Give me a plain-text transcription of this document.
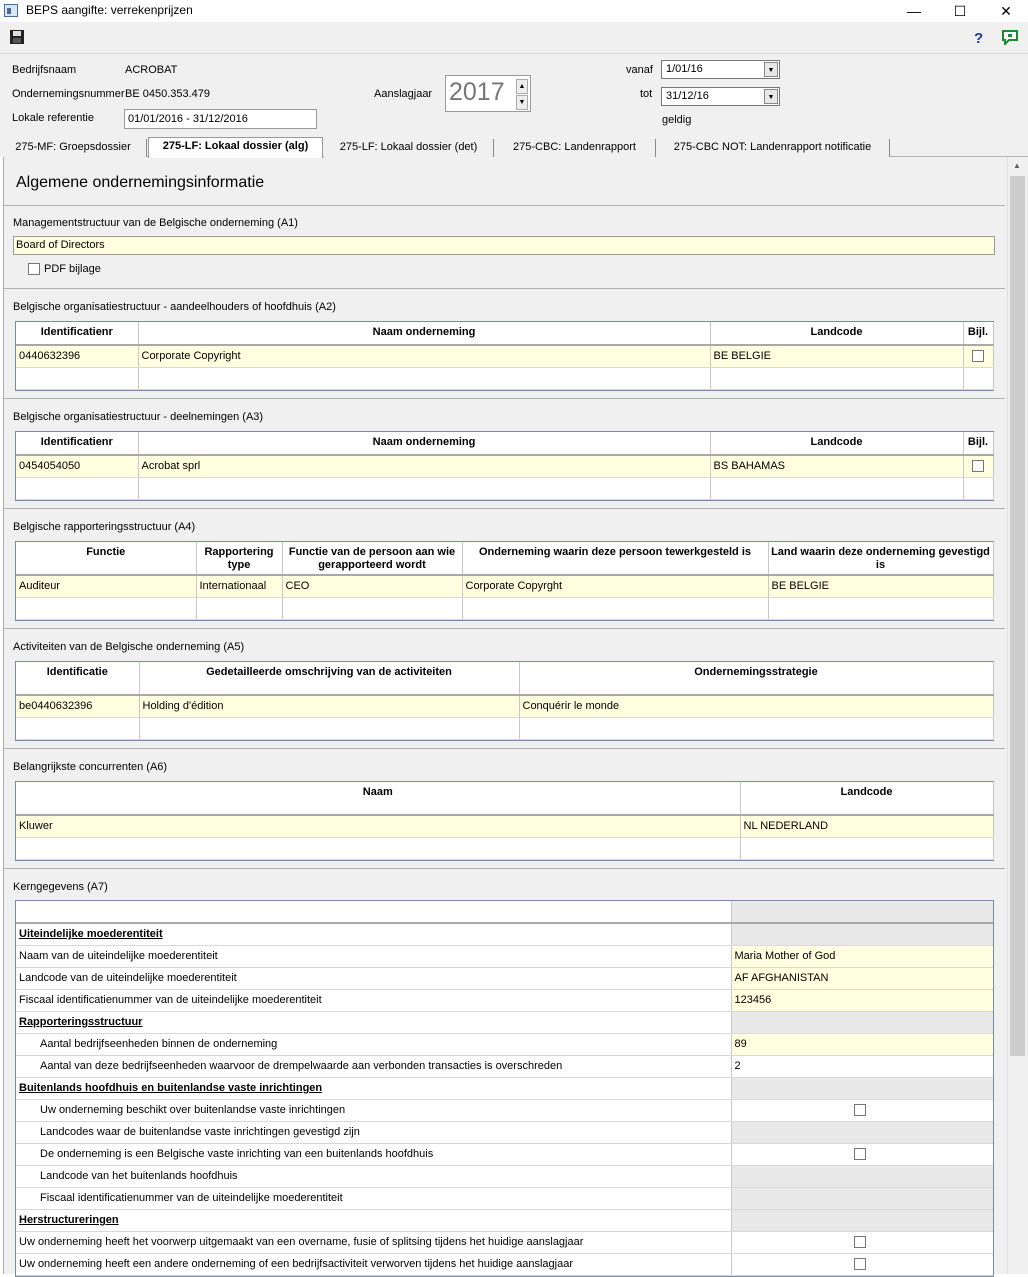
BEPS aangifte: verrekenprijzen	—	☐	✕
?
Bedrijfsnaam	ACROBAT
Ondernemingsnummer BE 0450.353.479
Lokale referentie	01/01/2016 - 31/12/2016
Aanslagjaar 2017	▲
▼
vanaf	1/01/16	▼
tot	31/12/16	▼
geldig
275-MF: Groepsdossier	275-LF: Lokaal dossier (alg)	275-LF: Lokaal dossier (det)	275-CBC: Landenrapport	275-CBC NOT: Landenrapport notificatie
▲
Algemene ondernemingsinformatie
Managementstructuur van de Belgische onderneming (A1)
Board of Directors
PDF bijlage
Belgische organisatiestructuur - aandeelhouders of hoofdhuis (A2)
Identificatienr	Naam onderneming	Landcode	Bijl.
0440632396	Corporate Copyright	BE BELGIE	

Belgische organisatiestructuur - deelnemingen (A3)
Identificatienr	Naam onderneming	Landcode	Bijl.
0454054050	Acrobat sprl	BS BAHAMAS	

Belgische rapporteringsstructuur (A4)
Functie	Rapportering type	Functie van de persoon aan wie gerapporteerd wordt	Onderneming waarin deze persoon tewerkgesteld is	Land waarin deze onderneming gevestigd is
Auditeur	Internationaal	CEO	Corporate Copyrght	BE BELGIE

Activiteiten van de Belgische onderneming (A5)
Identificatie	Gedetailleerde omschrijving van de activiteiten	Ondernemingsstrategie
be0440632396	Holding d'édition	Conquérir le monde

Belangrijkste concurrenten (A6)
Naam	Landcode
Kluwer	NL NEDERLAND

Kerngegevens (A7)

Uiteindelijke moederentiteit	
Naam van de uiteindelijke moederentiteit	Maria Mother of God
Landcode van de uiteindelijke moederentiteit	AF AFGHANISTAN
Fiscaal identificatienummer van de uiteindelijke moederentiteit	123456
Rapporteringsstructuur	
Aantal bedrijfseenheden binnen de onderneming	89
Aantal van deze bedrijfseenheden waarvoor de drempelwaarde aan verbonden transacties is overschreden	2
Buitenlands hoofdhuis en buitenlandse vaste inrichtingen	
Uw onderneming beschikt over buitenlandse vaste inrichtingen	
Landcodes waar de buitenlandse vaste inrichtingen gevestigd zijn	
De onderneming is een Belgische vaste inrichting van een buitenlands hoofdhuis	
Landcode van het buitenlands hoofdhuis	
Fiscaal identificatienummer van de uiteindelijke moederentiteit	
Herstructureringen	
Uw onderneming heeft het voorwerp uitgemaakt van een overname, fusie of splitsing tijdens het huidige aanslagjaar	
Uw onderneming heeft een andere onderneming of een bedrijfsactiviteit verworven tijdens het huidige aanslagjaar	
